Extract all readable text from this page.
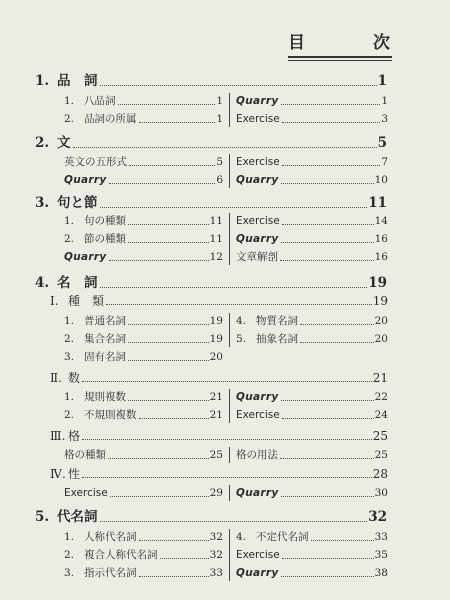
目	次
1. 品　詞	1
1. 八品詞	1
2. 品詞の所属	1
Quarry	1
Exercise	3
2. 文	5
英文の五形式	5
Quarry	6
Exercise	7
Quarry	10
3. 句と節	11
1. 句の種類	11
2. 節の種類	11
Quarry	12
Exercise	14
Quarry	16
文章解剖	16
4. 名　詞	19
Ⅰ. 種　類	19
1. 普通名詞	19
2. 集合名詞	19
3. 固有名詞	20
4. 物質名詞	20
5. 抽象名詞	20
Ⅱ. 数	21
1. 規則複数	21
2. 不規則複数	21
Quarry	22
Exercise	24
Ⅲ. 格	25
格の種類	25 格の用法	25
Ⅳ. 性	28
Exercise	29 Quarry	30
5. 代名詞	32
1. 人称代名詞	32
2. 複合人称代名詞	32
3. 指示代名詞	33
4. 不定代名詞	33
Exercise	35
Quarry	38
